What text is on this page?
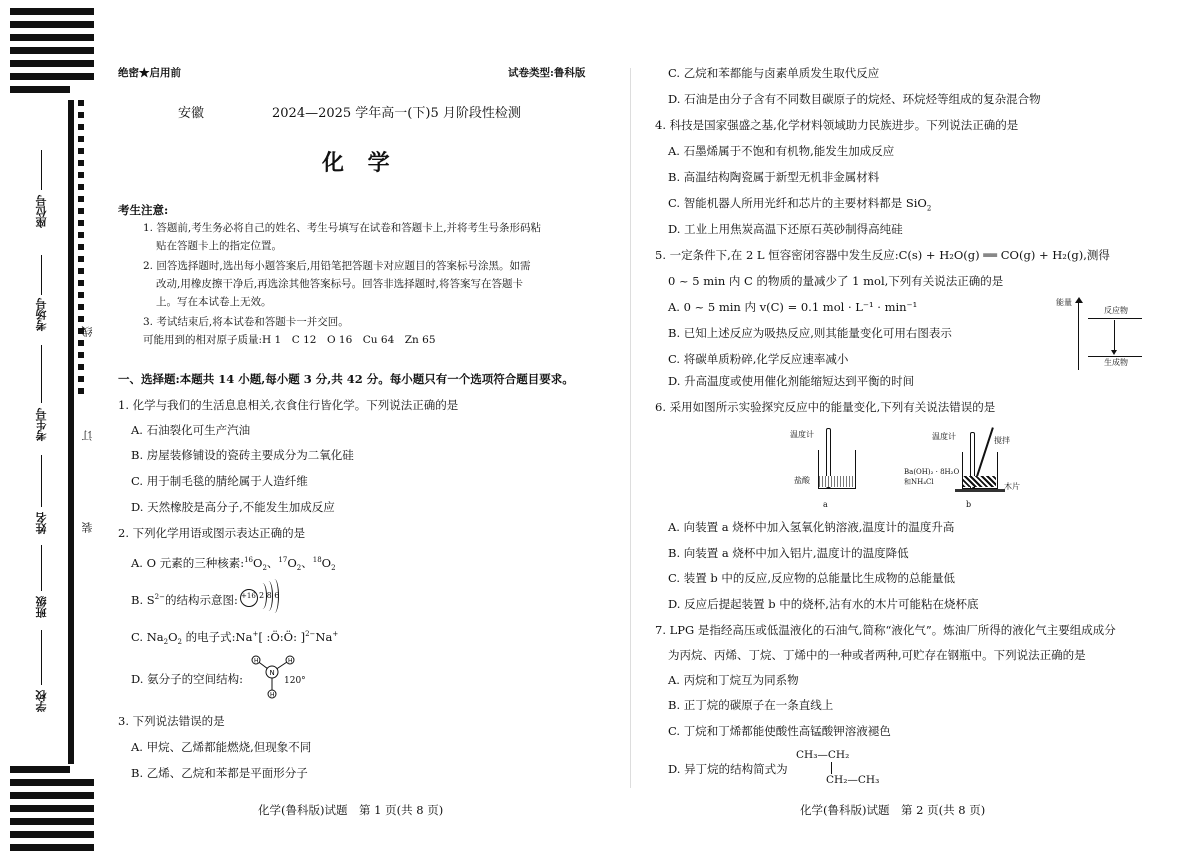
座位号
考场号
考生号
姓名
班级
学校
线
订
装
绝密★启用前	试卷类型:鲁科版
安徽	2024—2025 学年高一(下)5 月阶段性检测
化 学
考生注意:
1. 答题前,考生务必将自己的姓名、考生号填写在试卷和答题卡上,并将考生号条形码粘
贴在答题卡上的指定位置。
2. 回答选择题时,选出每小题答案后,用铅笔把答题卡对应题目的答案标号涂黑。如需
改动,用橡皮擦干净后,再选涂其他答案标号。回答非选择题时,将答案写在答题卡
上。写在本试卷上无效。
3. 考试结束后,将本试卷和答题卡一并交回。
可能用到的相对原子质量:H 1　C 12　O 16　Cu 64　Zn 65
一、选择题:本题共 14 小题,每小题 3 分,共 42 分。每小题只有一个选项符合题目要求。
1. 化学与我们的生活息息相关,衣食住行皆化学。下列说法正确的是
A. 石油裂化可生产汽油
B. 房屋装修铺设的瓷砖主要成分为二氧化硅
C. 用于制毛毯的腈纶属于人造纤维
D. 天然橡胶是高分子,不能发生加成反应
2. 下列化学用语或图示表达正确的是
A. O 元素的三种核素$:^{16}O_2$、$^{17}O_2$、$^{18}O_2$
B. $S^{2-}$的结构示意图: +16 2 8 6
C. $Na_2O_2$ 的电子式:Na+[ :Ö:Ö: ]$^{2-}$Na+
D. 氨分子的空间结构:	N
H	H
H
120°
3. 下列说法错误的是
A. 甲烷、乙烯都能燃烧,但现象不同
B. 乙烯、乙烷和苯都是平面形分子
化学(鲁科版)试题　第 1 页(共 8 页)
C. 乙烷和苯都能与卤素单质发生取代反应
D. 石油是由分子含有不同数目碳原子的烷烃、环烷烃等组成的复杂混合物
4. 科技是国家强盛之基,化学材料领域助力民族进步。下列说法正确的是
A. 石墨烯属于不饱和有机物,能发生加成反应
B. 高温结构陶瓷属于新型无机非金属材料
C. 智能机器人所用光纤和芯片的主要材料都是 SiO$_2$
D. 工业上用焦炭高温下还原石英砂制得高纯硅
5. 一定条件下,在 2 L 恒容密闭容器中发生反应:C(s) + H₂O(g) ══ CO(g) + H₂(g),测得
0 ~ 5 min 内 C 的物质的量减少了 1 mol,下列有关说法正确的是
A. 0 ~ 5 min 内 v(C) = 0.1 mol · L⁻¹ · min⁻¹
B. 已知上述反应为吸热反应,则其能量变化可用右图表示
C. 将碳单质粉碎,化学反应速率减小
D. 升高温度或使用催化剂能缩短达到平衡的时间
能量
反应物
生成物
6. 采用如图所示实验探究反应中的能量变化,下列有关说法错误的是
温度计
盐酸
a
温度计	搅拌
Ba(OH)₂ · 8H₂O
和NH₄Cl	木片
b
A. 向装置 a 烧杯中加入氢氧化钠溶液,温度计的温度升高
B. 向装置 a 烧杯中加入铝片,温度计的温度降低
C. 装置 b 中的反应,反应物的总能量比生成物的总能量低
D. 反应后提起装置 b 中的烧杯,沾有水的木片可能粘在烧杯底
7. LPG 是指经高压或低温液化的石油气,简称“液化气”。炼油厂所得的液化气主要组成成分
为丙烷、丙烯、丁烷、丁烯中的一种或者两种,可贮存在钢瓶中。下列说法正确的是
A. 丙烷和丁烷互为同系物
B. 正丁烷的碳原子在一条直线上
C. 丁烷和丁烯都能使酸性高锰酸钾溶液褪色
D. 异丁烷的结构简式为
CH₃—CH₂
CH₂—CH₃
化学(鲁科版)试题　第 2 页(共 8 页)
